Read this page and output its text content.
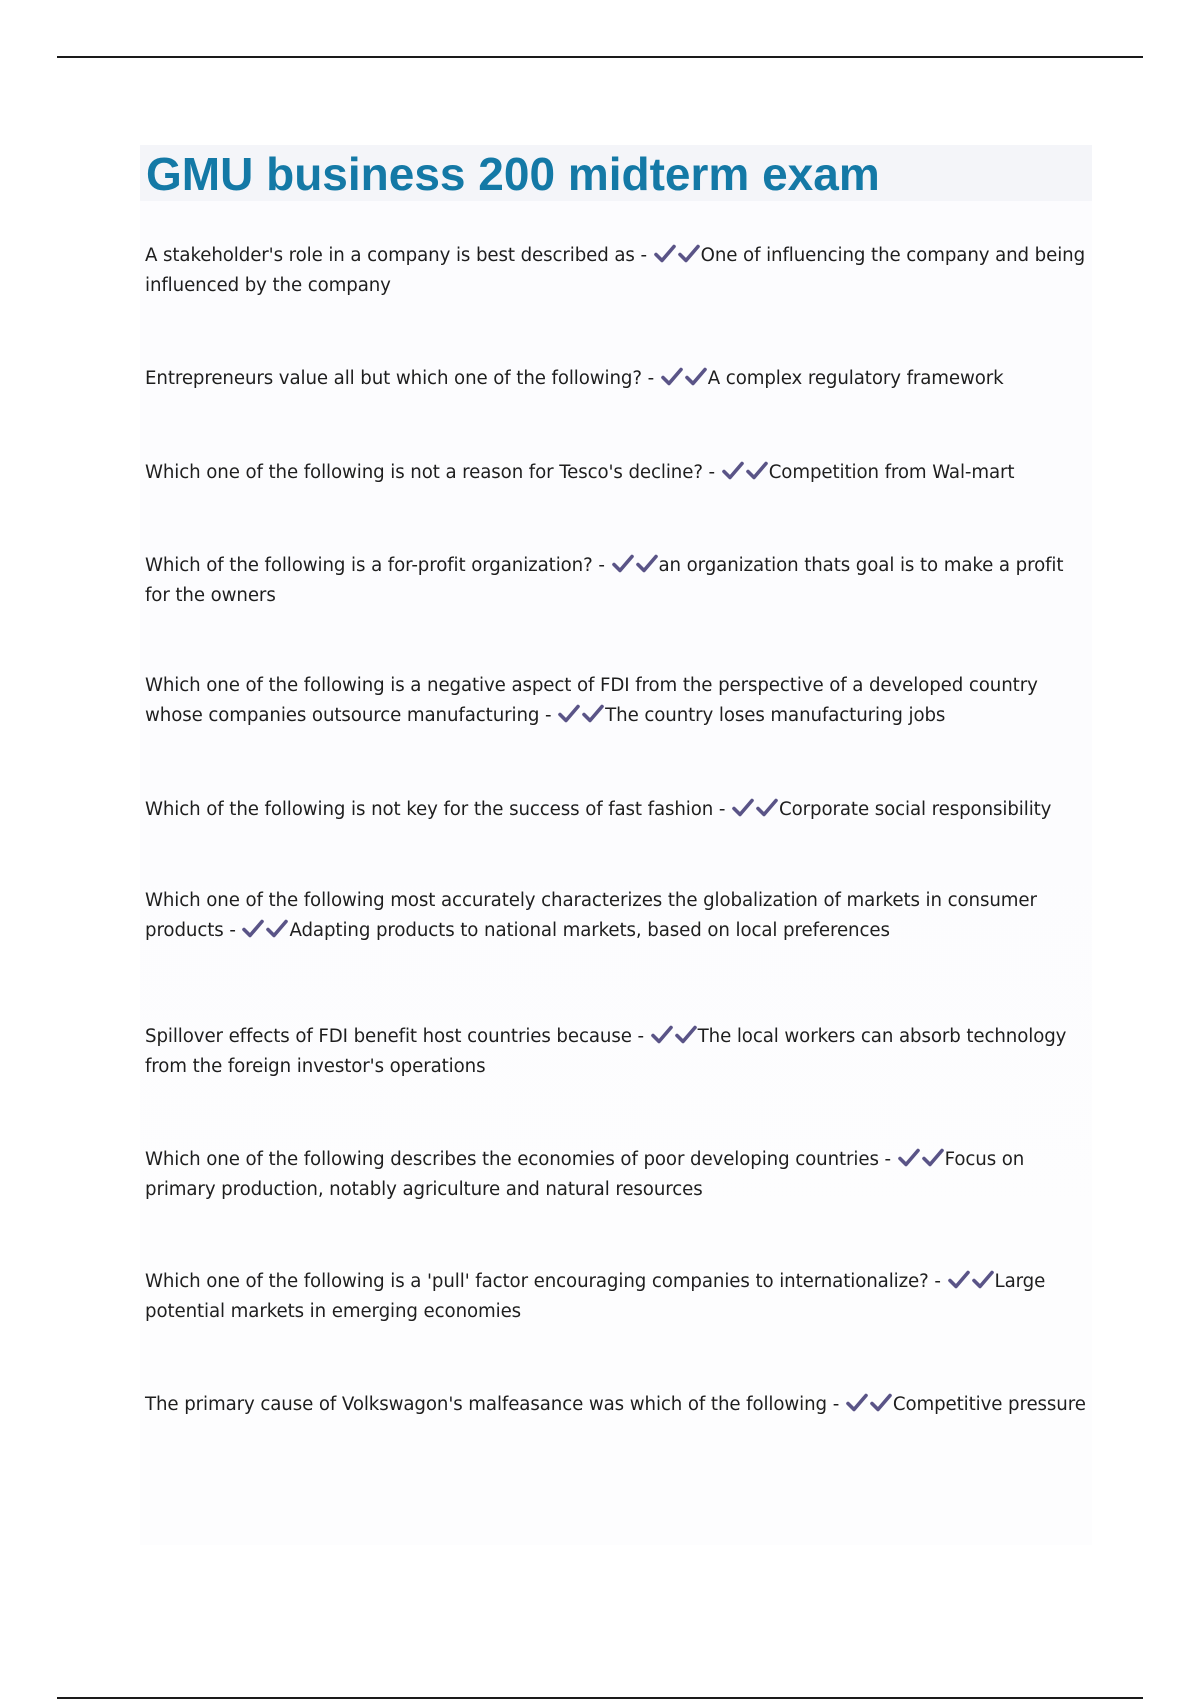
GMU business 200 midterm exam

A stakeholder's role in a company is best described as -	One of influencing the company and being influenced by the company

Entrepreneurs value all but which one of the following? -	A complex regulatory framework

Which one of the following is not a reason for Tesco's decline? -	Competition from Wal-mart

Which of the following is a for-profit organization? -	an organization thats goal is to make a profit for the owners

Which one of the following is a negative aspect of FDI from the perspective of a developed country whose companies outsource manufacturing -	The country loses manufacturing jobs

Which of the following is not key for the success of fast fashion -	Corporate social responsibility

Which one of the following most accurately characterizes the globalization of markets in consumer products -	Adapting products to national markets, based on local preferences

Spillover effects of FDI benefit host countries because -	The local workers can absorb technology from the foreign investor's operations

Which one of the following describes the economies of poor developing countries -	Focus on primary production, notably agriculture and natural resources

Which one of the following is a 'pull' factor encouraging companies to internationalize? -	Large potential markets in emerging economies

The primary cause of Volkswagon's malfeasance was which of the following -	Competitive pressure
